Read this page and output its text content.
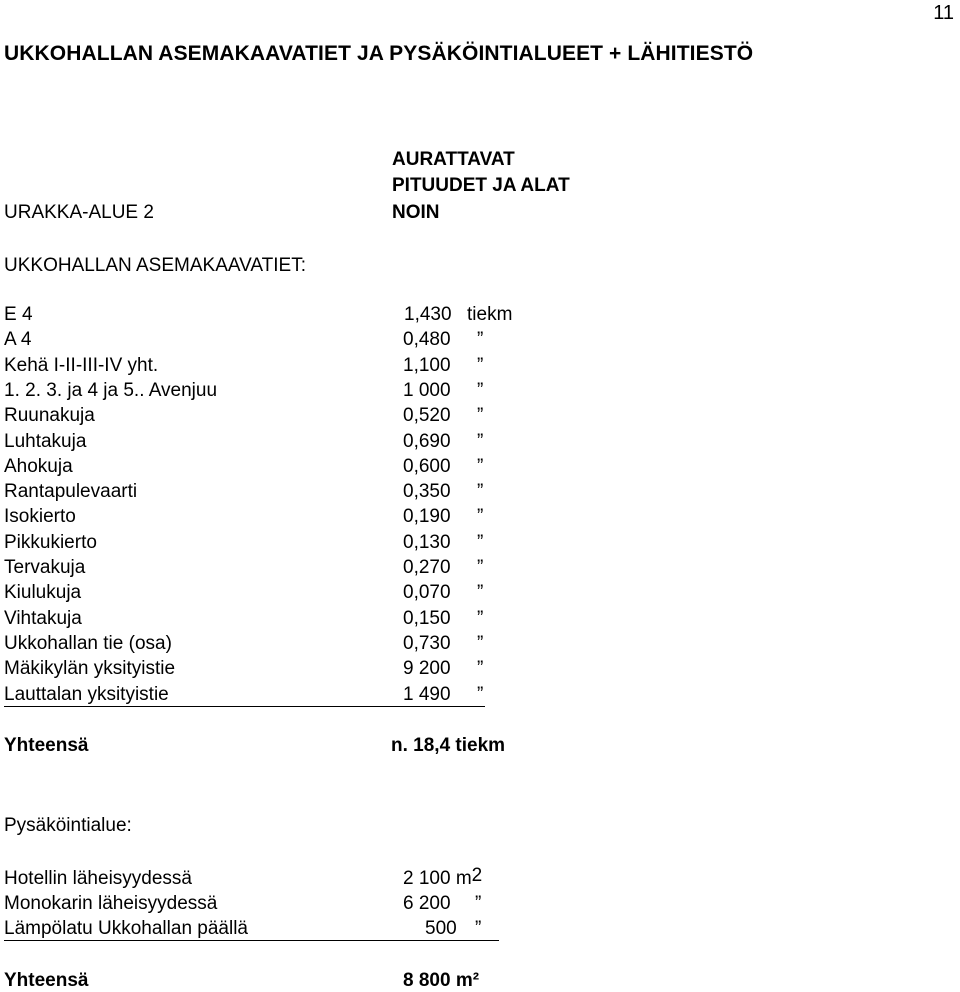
11
UKKOHALLAN ASEMAKAAVATIET JA PYSÄKÖINTIALUEET + LÄHITIESTÖ
AURATTAVAT
PITUUDET JA ALAT
NOIN
URAKKA-ALUE 2
UKKOHALLAN ASEMAKAAVATIET:
E 4	1,430 tiekm
A 4	0,480 ”
Kehä I-II-III-IV yht.	1,100 ”
1. 2. 3. ja 4 ja 5.. Avenjuu	1 000 ”
Ruunakuja	0,520 ”
Luhtakuja	0,690 ”
Ahokuja	0,600 ”
Rantapulevaarti	0,350 ”
Isokierto	0,190 ”
Pikkukierto	0,130 ”
Tervakuja	0,270 ”
Kiulukuja	0,070 ”
Vihtakuja	0,150 ”
Ukkohallan tie (osa)	0,730 ”
Mäkikylän yksityistie	9 200 ”
Lauttalan yksityistie	1 490 ”
Yhteensä	n. 18,4 tiekm
Pysäköintialue:
Hotellin läheisyydessä	2 100 $m^2$
Monokarin läheisyydessä	6 200 ”
Lämpölatu Ukkohallan päällä	500 ”
Yhteensä	8 800 m²
